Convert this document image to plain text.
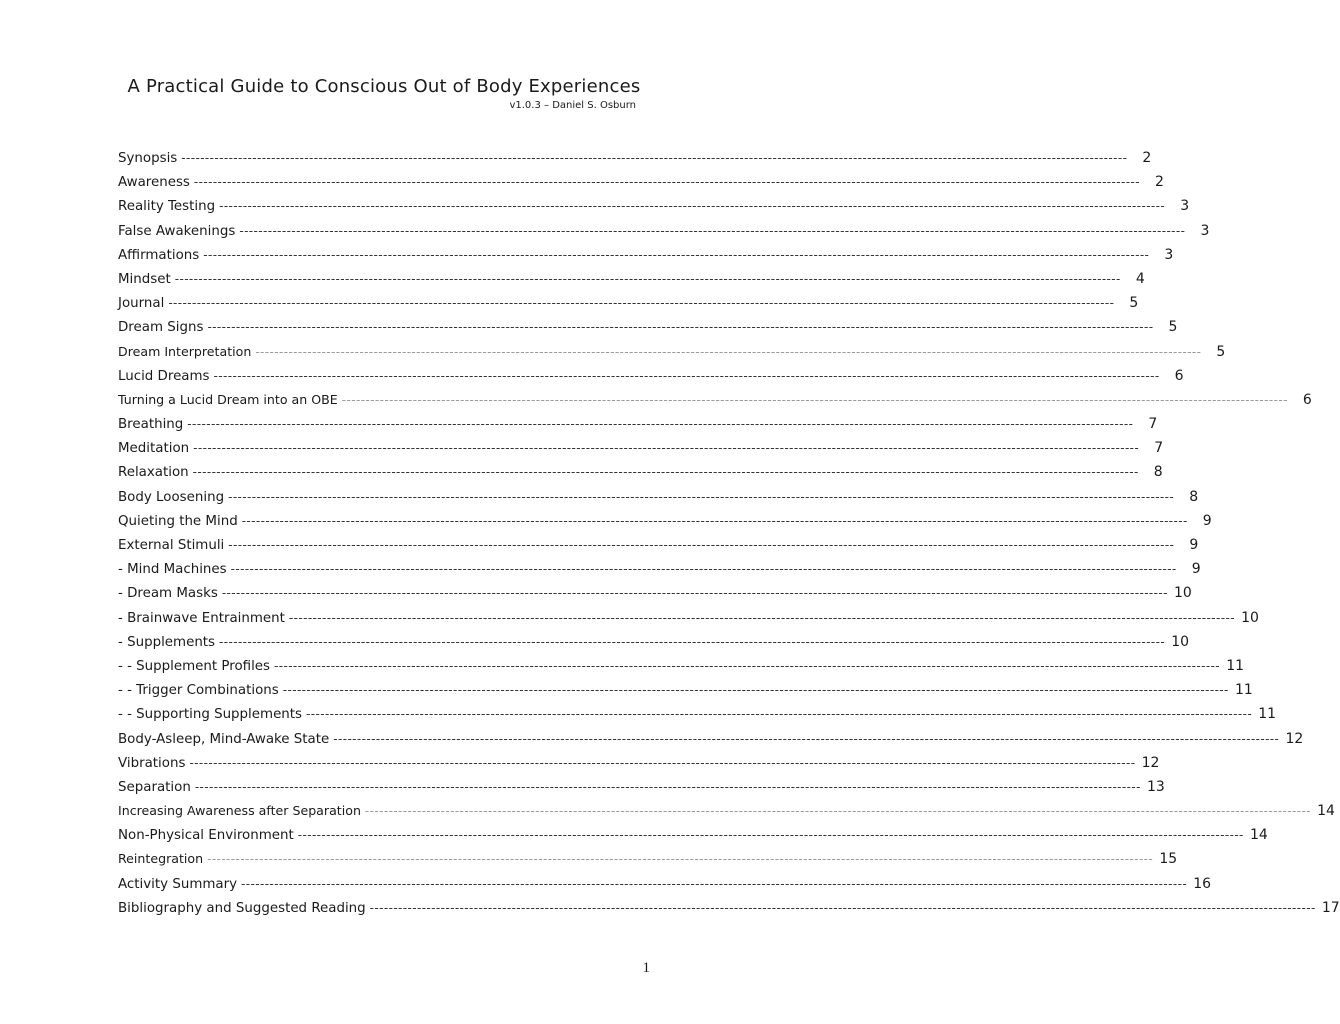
A Practical Guide to Conscious Out of Body Experiences
v1.0.3 – Daniel S. Osburn
Synopsis --------------------------------------------------------------------------------------------------------------------------------------------------------------------------------------------------------	2
Awareness --------------------------------------------------------------------------------------------------------------------------------------------------------------------------------------------------------	2
Reality Testing --------------------------------------------------------------------------------------------------------------------------------------------------------------------------------------------------------	3
False Awakenings --------------------------------------------------------------------------------------------------------------------------------------------------------------------------------------------------------	3
Affirmations --------------------------------------------------------------------------------------------------------------------------------------------------------------------------------------------------------	3
Mindset --------------------------------------------------------------------------------------------------------------------------------------------------------------------------------------------------------	4
Journal --------------------------------------------------------------------------------------------------------------------------------------------------------------------------------------------------------	5
Dream Signs --------------------------------------------------------------------------------------------------------------------------------------------------------------------------------------------------------	5
Dream Interpretation --------------------------------------------------------------------------------------------------------------------------------------------------------------------------------------------------------	5
Lucid Dreams --------------------------------------------------------------------------------------------------------------------------------------------------------------------------------------------------------	6
Turning a Lucid Dream into an OBE --------------------------------------------------------------------------------------------------------------------------------------------------------------------------------------------------------	6
Breathing --------------------------------------------------------------------------------------------------------------------------------------------------------------------------------------------------------	7
Meditation --------------------------------------------------------------------------------------------------------------------------------------------------------------------------------------------------------	7
Relaxation --------------------------------------------------------------------------------------------------------------------------------------------------------------------------------------------------------	8
Body Loosening --------------------------------------------------------------------------------------------------------------------------------------------------------------------------------------------------------	8
Quieting the Mind --------------------------------------------------------------------------------------------------------------------------------------------------------------------------------------------------------	9
External Stimuli --------------------------------------------------------------------------------------------------------------------------------------------------------------------------------------------------------	9
- Mind Machines --------------------------------------------------------------------------------------------------------------------------------------------------------------------------------------------------------	9
- Dream Masks -------------------------------------------------------------------------------------------------------------------------------------------------------------------------------------------------------- 10
- Brainwave Entrainment -------------------------------------------------------------------------------------------------------------------------------------------------------------------------------------------------------- 10
- Supplements -------------------------------------------------------------------------------------------------------------------------------------------------------------------------------------------------------- 10
- - Supplement Profiles -------------------------------------------------------------------------------------------------------------------------------------------------------------------------------------------------------- 11
- - Trigger Combinations -------------------------------------------------------------------------------------------------------------------------------------------------------------------------------------------------------- 11
- - Supporting Supplements -------------------------------------------------------------------------------------------------------------------------------------------------------------------------------------------------------- 11
Body-Asleep, Mind-Awake State -------------------------------------------------------------------------------------------------------------------------------------------------------------------------------------------------------- 12
Vibrations -------------------------------------------------------------------------------------------------------------------------------------------------------------------------------------------------------- 12
Separation -------------------------------------------------------------------------------------------------------------------------------------------------------------------------------------------------------- 13
Increasing Awareness after Separation -------------------------------------------------------------------------------------------------------------------------------------------------------------------------------------------------------- 14
Non-Physical Environment -------------------------------------------------------------------------------------------------------------------------------------------------------------------------------------------------------- 14
Reintegration -------------------------------------------------------------------------------------------------------------------------------------------------------------------------------------------------------- 15
Activity Summary -------------------------------------------------------------------------------------------------------------------------------------------------------------------------------------------------------- 16
Bibliography and Suggested Reading -------------------------------------------------------------------------------------------------------------------------------------------------------------------------------------------------------- 17
1
